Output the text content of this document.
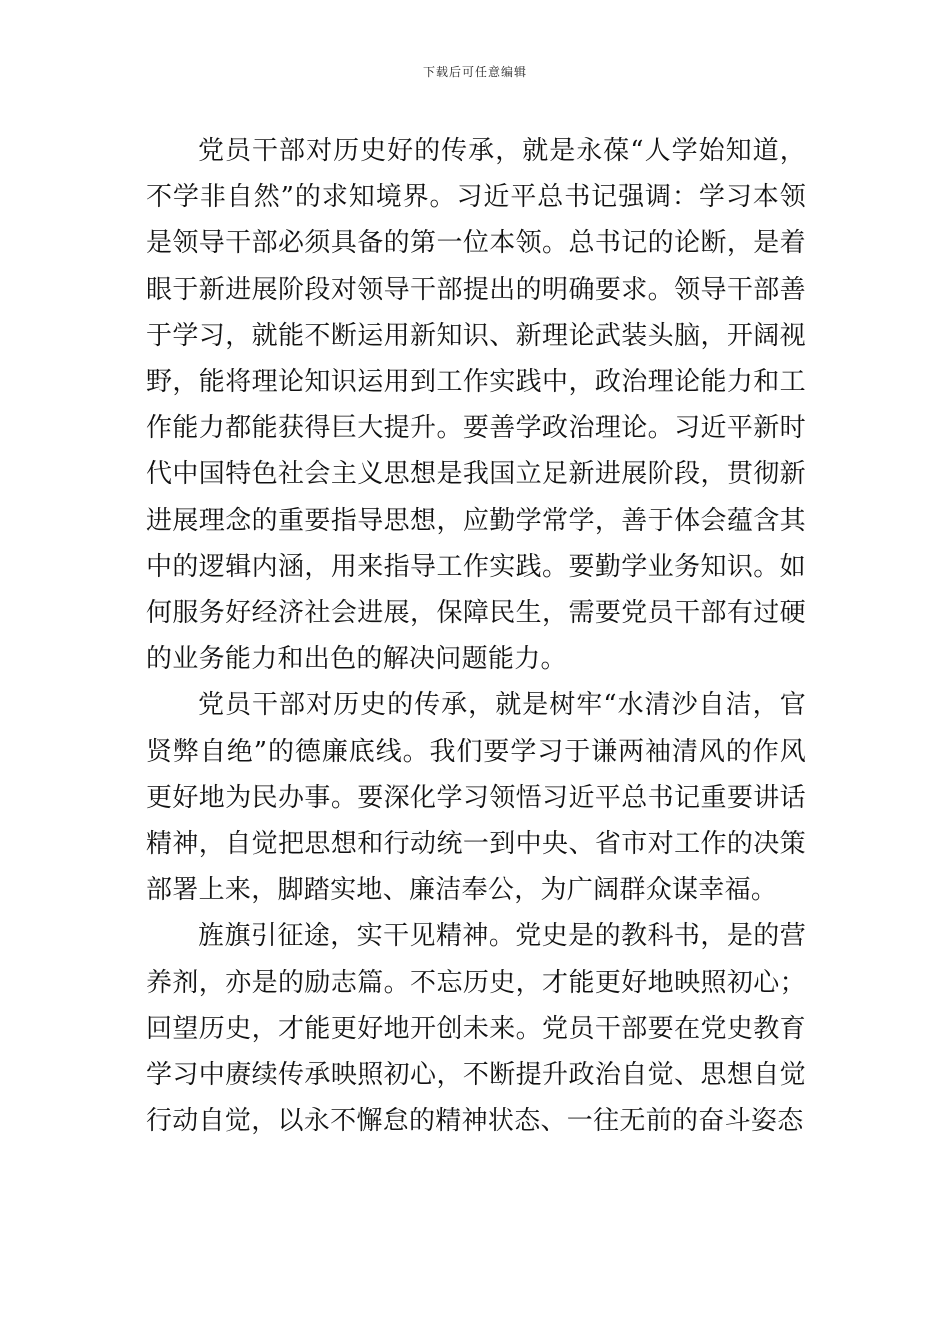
下载后可任意编辑

党员干部对历史好的传承，就是永葆“人学始知道，不学非自然”的求知境界。习近平总书记强调：学习本领是领导干部必须具备的第一位本领。总书记的论断，是着眼于新进展阶段对领导干部提出的明确要求。领导干部善于学习，就能不断运用新知识、新理论武装头脑，开阔视野，能将理论知识运用到工作实践中，政治理论能力和工作能力都能获得巨大提升。要善学政治理论。习近平新时代中国特色社会主义思想是我国立足新进展阶段，贯彻新进展理念的重要指导思想，应勤学常学，善于体会蕴含其中的逻辑内涵，用来指导工作实践。要勤学业务知识。如何服务好经济社会进展，保障民生，需要党员干部有过硬的业务能力和出色的解决问题能力。

党员干部对历史的传承，就是树牢“水清沙自洁，官贤弊自绝”的德廉底线。我们要学习于谦两袖清风的作风更好地为民办事。要深化学习领悟习近平总书记重要讲话精神，自觉把思想和行动统一到中央、省市对工作的决策部署上来，脚踏实地、廉洁奉公，为广阔群众谋幸福。

旌旗引征途，实干见精神。党史是的教科书，是的营养剂，亦是的励志篇。不忘历史，才能更好地映照初心；回望历史，才能更好地开创未来。党员干部要在党史教育学习中赓续传承映照初心，不断提升政治自觉、思想自觉行动自觉，以永不懈怠的精神状态、一往无前的奋斗姿态
